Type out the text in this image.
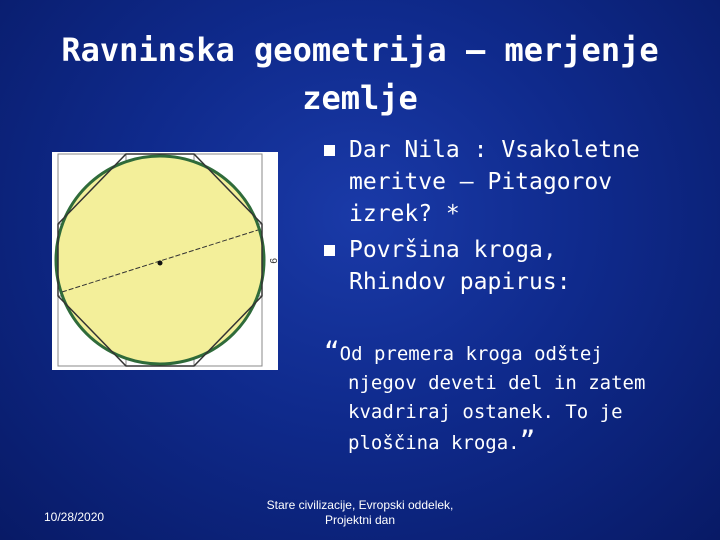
Ravninska geometrija – merjenje
zemlje
9
Dar Nila : Vsakoletne
meritve – Pitagorov
izrek? *
Površina kroga,
Rhindov papirus:
“Od premera kroga odštej
njegov deveti del in zatem
kvadriraj ostanek. To je
ploščina kroga.”
10/28/2020
Stare civilizacije, Evropski oddelek,
Projektni dan
